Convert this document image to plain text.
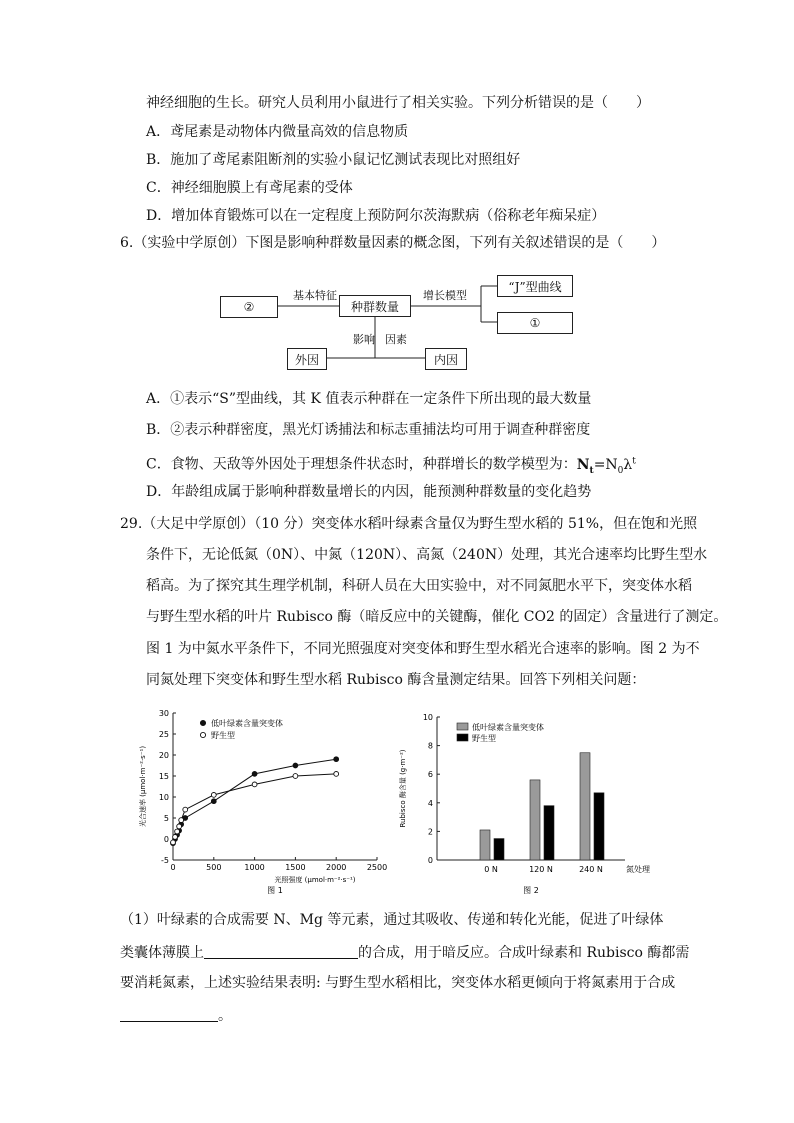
神经细胞的生长。研究人员利用小鼠进行了相关实验。下列分析错误的是（　　）
A．鸢尾素是动物体内微量高效的信息物质
B．施加了鸢尾素阻断剂的实验小鼠记忆测试表现比对照组好
C．神经细胞膜上有鸢尾素的受体
D．增加体育锻炼可以在一定程度上预防阿尔茨海默病（俗称老年痴呆症）
6.（实验中学原创）下图是影响种群数量因素的概念图，下列有关叙述错误的是（　　）
②
基本特征
种群数量
增长模型
“J”型曲线
①
影响 因素
外因	内因
A．①表示“S”型曲线，其 K 值表示种群在一定条件下所出现的最大数量
B．②表示种群密度，黑光灯诱捕法和标志重捕法均可用于调查种群密度
C．食物、天敌等外因处于理想条件状态时，种群增长的数学模型为：$N_t=N_0\lambda^t$
D．年龄组成属于影响种群数量增长的内因，能预测种群数量的变化趋势
29.（大足中学原创）（10 分）突变体水稻叶绿素含量仅为野生型水稻的 51%，但在饱和光照
条件下，无论低氮（0N）、中氮（120N）、高氮（240N）处理，其光合速率均比野生型水
稻高。为了探究其生理学机制，科研人员在大田实验中，对不同氮肥水平下，突变体水稻
与野生型水稻的叶片 Rubisco 酶（暗反应中的关键酶，催化 CO2 的固定）含量进行了测定。
图 1 为中氮水平条件下，不同光照强度对突变体和野生型水稻光合速率的影响。图 2 为不
同氮处理下突变体和野生型水稻 Rubisco 酶含量测定结果。回答下列相关问题：
-5
0
5
10
15
20
25
30
0	500	1000	1500	2000	2500
光照强度 (μmol·m⁻²·s⁻¹)
光合速率 (μmol·m⁻²·s⁻¹)
图 1
低叶绿素含量突变体
野生型
0
2
4
6
8
10
Rubisco 酶含量 (g·m⁻²)
0 N	120 N	240 N	氮处理
图 2
低叶绿素含量突变体
野生型
（1）叶绿素的合成需要 N、Mg 等元素，通过其吸收、传递和转化光能，促进了叶绿体
类囊体薄膜上	的合成，用于暗反应。合成叶绿素和 Rubisco 酶都需
要消耗氮素，上述实验结果表明: 与野生型水稻相比，突变体水稻更倾向于将氮素用于合成
。
